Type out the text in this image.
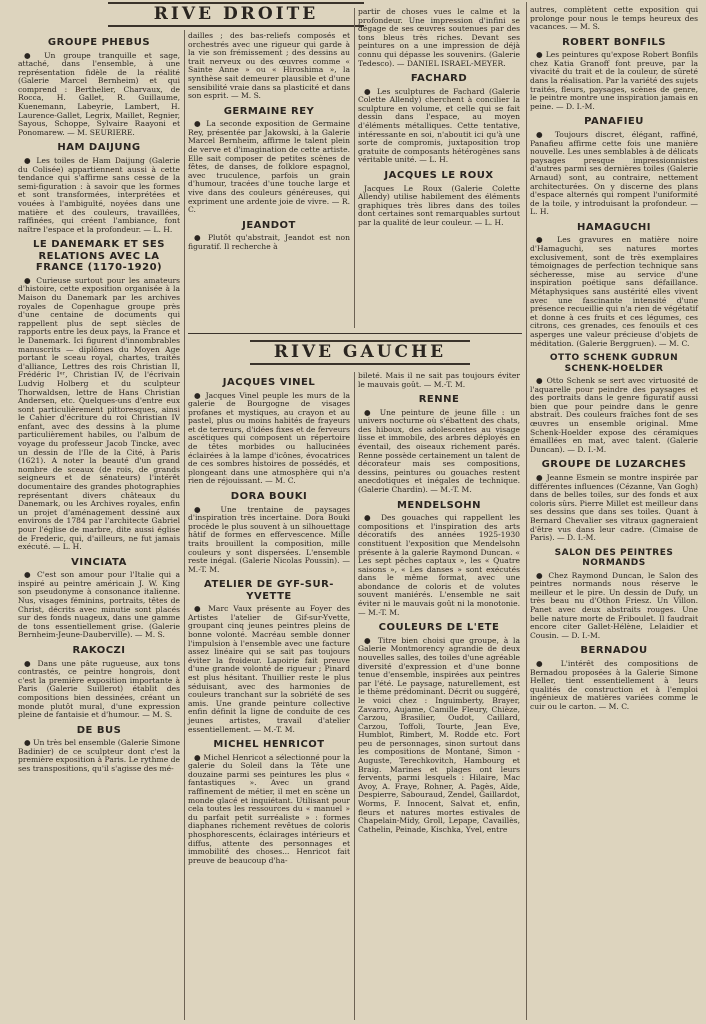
RIVE DROITE
GROUPE PHEBUS

● Un groupe tranquille et sage, attaché, dans l'ensemble, à une représentation fidèle de la réalité (Galerie Marcel Bernheim) et qui comprend : Berthelier, Charvaux, de Rocca, H. Gallet, R. Guillaume, Kuenemann, Labeyrie, Lambert, H. Laurence-Gallet, Legrix, Maillet, Regnier, Sayous, Schoppe, Sylvaire Raayoni et Ponomarew. — M. SEURIERE.

HAM DAIJUNG

● Les toiles de Ham Daijung (Galerie du Colisée) appartiennent aussi à cette tendance qui s'affirme sans cesse de la semi-figuration : à savoir que les formes et sont transformées, interprétées et vouées à l'ambiguïté, noyées dans une matière et des couleurs, travaillées, raffinées, qui créent l'ambiance, font naître l'espace et la profondeur. — L. H.

LE DANEMARK ET SES RELATIONS AVEC LA FRANCE (1170-1920)

● Curieuse surtout pour les amateurs d'histoire, cette exposition organisée à la Maison du Danemark par les archives royales de Copenhague groupe près d'une centaine de documents qui rappellent plus de sept siècles de rapports entre les deux pays, la France et le Danemark. Ici figurent d'innombrables manuscrits — diplômes du Moyen Age portant le sceau royal, chartes, traités d'alliance, Lettres des rois Christian II, Frédéric Iᵉʳ, Christian IV, de l'écrivain Ludvig Holberg et du sculpteur Thorwaldsen, lettre de Hans Christian Andersen, etc. Quelques-uns d'entre eux sont particulièrement pittoresques, ainsi le Cahier d'écriture du roi Christian IV enfant, avec des dessins à la plume particulièrement habiles, ou l'album de voyage du professeur Jacob Tincke, avec un dessin de l'Ile de la Cité, à Paris (1621). A noter la beauté d'un grand nombre de sceaux (de rois, de grands seigneurs et de sénateurs) l'intérêt documentaire des grandes photographies représentant divers châteaux du Danemark, ou les Archives royales, enfin un projet d'aménagement dessiné aux environs de 1784 par l'architecte Gabriel pour l'église de marbre, dite aussi église de Frederic, qui, d'ailleurs, ne fut jamais exécuté. — L. H.

VINCIATA

● C'est son amour pour l'Italie qui a inspiré au peintre américain J. W. King son pseudonyme à consonance italienne. Nus, visages féminins, portraits, têtes de Christ, décrits avec minutie sont placés sur des fonds nuageux, dans une gamme de tons essentiellement grise. (Galerie Bernheim-Jeune-Dauberville). — M. S.

RAKOCZI

● Dans une pâte rugueuse, aux tons contrastés, ce peintre hongrois, dont c'est la première exposition importante à Paris (Galerie Suillerot) établit des compositions bien dessinées, créant un monde plutôt mural, d'une expression pleine de fantaisie et d'humour. — M. S.

DE BUS

● Un très bel ensemble (Galerie Simone Badinier) de ce sculpteur dont c'est la première exposition à Paris. Le rythme de ses transpositions, qu'il s'agisse des mé-

dailles ; des bas-reliefs composés et orchestrés avec une rigueur qui garde à la vie son frémissement ; des dessins au trait nerveux ou des œuvres comme « Sainte Anne » ou « Hiroshima », la synthèse sait demeurer plausible et d'une sensibilité vraie dans sa plasticité et dans son esprit. — M. S.

GERMAINE REY

● La seconde exposition de Germaine Rey, présentée par Jakowski, à la Galerie Marcel Bernheim, affirme le talent plein de verve et d'imagination de cette artiste. Elle sait composer de petites scènes de fêtes, de danses, de folklore espagnol, avec truculence, parfois un grain d'humour, tracées d'une touche large et vive dans des couleurs généreuses, qui expriment une ardente joie de vivre. — R. C.

JEANDOT

● Plutôt qu'abstrait, Jeandot est non figuratif. Il recherche à

partir de choses vues le calme et la profondeur. Une impression d'infini se dégage de ses œuvres soutenues par des tons bleus très riches. Devant ses peintures on a une impression de déjà connu qui dépasse les souvenirs. (Galerie Tedesco). — DANIEL ISRAEL-MEYER.

FACHARD

● Les sculptures de Fachard (Galerie Colette Allendy) cherchent à concilier la sculpture en volume, et celle qui se fait dessin dans l'espace, au moyen d'éléments métalliques. Cette tentative, intéressante en soi, n'aboutit ici qu'à une sorte de compromis, juxtaposition trop gratuite de composants hétérogènes sans véritable unité. — L. H.

JACQUES LE ROUX

Jacques Le Roux (Galerie Colette Allendy) utilise habilement des éléments graphiques très libres dans des toiles dont certaines sont remarquables surtout par la qualité de leur couleur. — L. H.

autres, complètent cette exposition qui prolonge pour nous le temps heureux des vacances. — M. S.

ROBERT BONFILS

● Les peintures qu'expose Robert Bonfils chez Katia Granoff font preuve, par la vivacité du trait et de la couleur, de sûreté dans la réalisation. Par la variété des sujets traités, fleurs, paysages, scènes de genre, le peintre montre une inspiration jamais en peine. — D. I.-M.

PANAFIEU

● Toujours discret, élégant, raffiné, Panafieu affirme cette fois une manière nouvelle. Les unes semblables à de délicats paysages presque impressionnistes d'autres parmi ses dernières toiles (Galerie Arnaud) sont, au contraire, nettement architecturées. On y discerne des plans d'espace alternés qui rompent l'uniformité de la toile, y introduisant la profondeur. — L. H.

HAMAGUCHI

● Les gravures en matière noire d'Hamaguchi, ses natures mortes exclusivement, sont de très exemplaires témoignages de perfection technique sans sécheresse, mise au service d'une inspiration poétique sans défaillance. Métaphysiques sans austérité elles vivent avec une fascinante intensité d'une présence recueillie qui n'a rien de végétatif et donne à ces fruits et ces légumes, ces citrons, ces grenades, ces fenouils et ces asperges une valeur précieuse d'objets de méditation. (Galerie Berggruen). — M. C.

OTTO SCHENK GUDRUN SCHENK-HOELDER

● Otto Schenk se sert avec virtuosité de l'aquarelle pour peindre des paysages et des portraits dans le genre figuratif aussi bien que pour peindre dans le genre abstrait. Des couleurs fraîches font de ses œuvres un ensemble original. Mme Schenk-Hoelder expose des céramiques émaillées en mat, avec talent. (Galerie Duncan). — D. I.-M.

GROUPE DE LUZARCHES

● Jeanne Esmein se montre inspirée par différentes influences (Cézanne, Van Gogh) dans de belles toiles, sur des fonds et aux coloris sûrs. Pierre Millet est meilleur dans ses dessins que dans ses toiles. Quant à Bernard Chevalier ses vitraux gagneraient d'être vus dans leur cadre. (Cimaise de Paris). — D. I.-M.

SALON DES PEINTRES NORMANDS

● Chez Raymond Duncan, le Salon des peintres normands nous réserve le meilleur et le pire. Un dessin de Dufy, un très beau nu d'Othon Friesz. Un Villon. Panet avec deux abstraits rouges. Une belle nature morte de Friboulet. Il faudrait encore citer Gallet-Hélène, Lelaidier et Cousin. — D. I.-M.

BERNADOU

● L'intérêt des compositions de Bernadou proposées à la Galerie Simone Heller, tient essentiellement à leurs qualités de construction et à l'emploi ingénieux de matières variées comme le cuir ou le carton. — M. C.

RIVE GAUCHE
JACQUES VINEL

● Jacques Vinel peuple les murs de la galerie de Bourgogne de visages profanes et mystiques, au crayon et au pastel, plus ou moins habités de frayeurs et de terreurs, d'idées fixes et de ferveurs ascétiques qui composent un répertoire de têtes morbides ou hallucinées éclairées à la lampe d'icônes, évocatrices de ces sombres histoires de possédés, et plongeant dans une atmosphère qui n'a rien de réjouissant. — M. C.

DORA BOUKI

● Une trentaine de paysages d'inspiration très incertaine. Dora Bouki procède le plus souvent à un silhouettage hâtif de formes en effervescence. Mille traits brouillent la composition, mille couleurs y sont dispersées. L'ensemble reste inégal. (Galerie Nicolas Poussin). — M.-T. M.

ATELIER DE GYF-SUR-YVETTE

● Marc Vaux présente au Foyer des Artistes l'atelier de Gif-sur-Yvette, groupant cinq jeunes peintres pleins de bonne volonté. Macréau semble donner l'impulsion à l'ensemble avec une facture assez linéaire qui se sait pas toujours éviter la froideur. Lapoirie fait preuve d'une grande volonté de rigueur ; Pinard est plus hésitant. Thuillier reste le plus séduisant, avec des harmonies de couleurs tranchant sur la sobriété de ses amis. Une grande peinture collective enfin définit la ligne de conduite de ces jeunes artistes, travail d'atelier essentiellement. — M.-T. M.

MICHEL HENRICOT

● Michel Henricot a sélectionné pour la galerie du Soleil dans la Tête une douzaine parmi ses peintures les plus « fantastiques ». Avec un grand raffinement de métier, il met en scène un monde glacé et inquiétant. Utilisant pour cela toutes les ressources du « manuel » du parfait petit surréaliste » : formes diaphanes richement revêtues de coloris phosphorescents, éclairages intérieurs et diffus, attente des personnages et immobilité des choses... Henricot fait preuve de beaucoup d'ha-

bileté. Mais il ne sait pas toujours éviter le mauvais goût. — M.-T. M.

RENNE

● Une peinture de jeune fille : un univers nocturne où s'ébattent des chats, des hiboux, des adolescentes au visage lisse et immobile, des arbres déployés en éventail, des oiseaux richement parés. Renne possède certainement un talent de décorateur mais ses compositions, dessins, peintures ou gouaches restent anecdotiques et inégales de technique. (Galerie Chardin). — M.-T. M.

MENDELSOHN

● Des gouaches qui rappellent les compositions et l'inspiration des arts décoratifs des années 1925-1930 constituent l'exposition que Mendelsohn présente à la galerie Raymond Duncan. « Les sept pêches captaux », les « Quatre saisons », « Les danses » sont exécutés dans le même format, avec une abondance de coloris et de volutes souvent maniérés. L'ensemble ne sait éviter ni le mauvais goût ni la monotonie. — M.-T. M.

COULEURS DE L'ETE

● Titre bien choisi que groupe, à la Galerie Montmorency agrandie de deux nouvelles salles, des toiles d'une agréable diversité d'expression et d'une bonne tenue d'ensemble, inspirées aux peintres par l'été. Le paysage, naturellement, est le thème prédominant. Décrit ou suggéré, le voici chez : Inguimberty, Brayer, Zavarro, Aujame, Camille Fleury, Chièze, Carzou, Brasilier, Oudot, Caillard, Carzou, Toffoli, Tourte, Jean Eve, Humblot, Rimbert, M. Rodde etc. Fort peu de personnages, sinon surtout dans les compositions de Montané, Simon - Auguste, Terechkovitch, Hambourg et Braig. Marines et plages ont leurs fervents, parmi lesquels : Hilaire, Mac Avoy, A. Fraye, Rohner, A. Pagès, Aïde, Despierre, Sabouraud, Zendel, Gaillardot, Worms, F. Innocent, Salvat et, enfin, fleurs et natures mortes estivales de Chapelain-Midy, Groll, Lepape, Cavaillès, Cathelin, Peinade, Kischka, Yvel, entre
